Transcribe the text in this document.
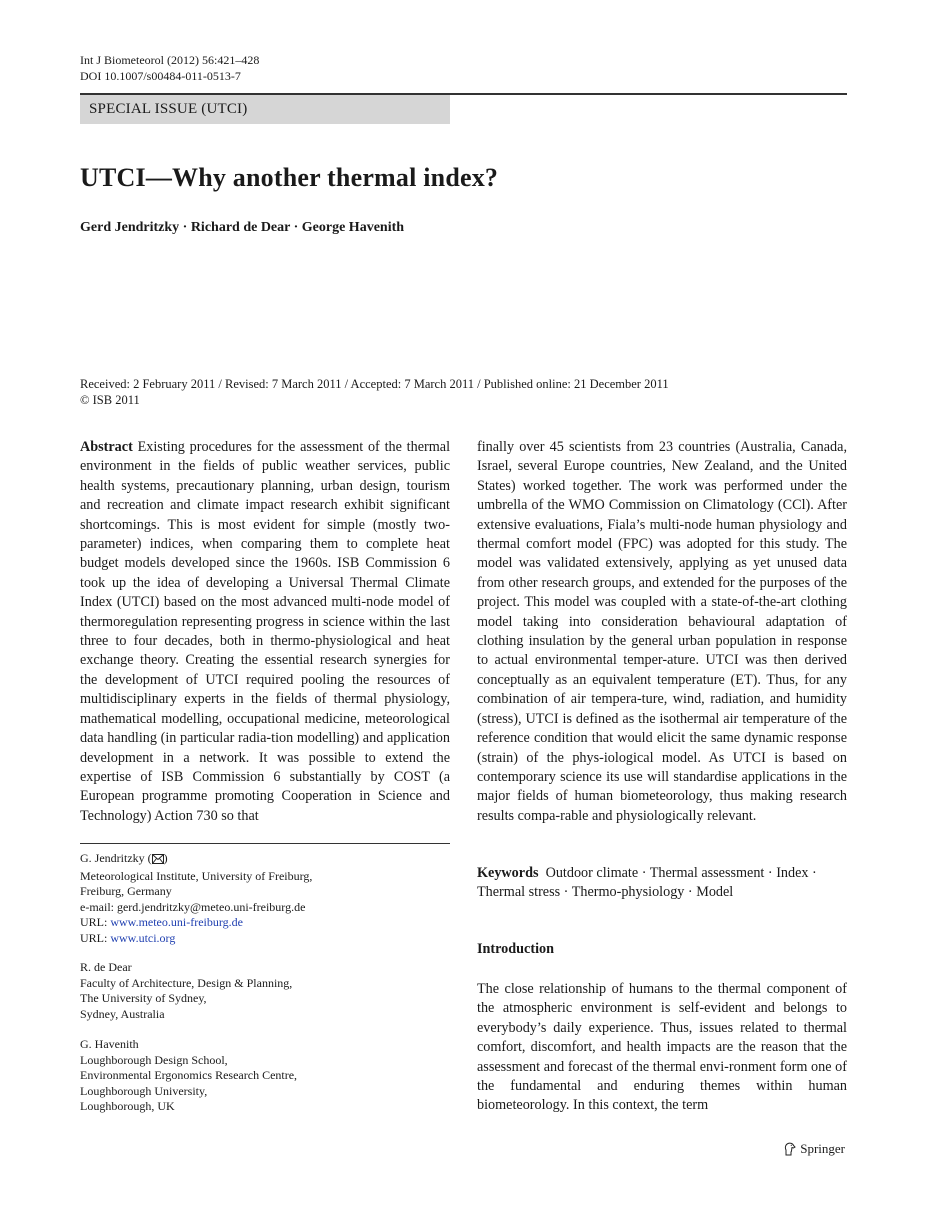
Int J Biometeorol (2012) 56:421–428
DOI 10.1007/s00484-011-0513-7
SPECIAL ISSUE (UTCI)
UTCI—Why another thermal index?
Gerd Jendritzky · Richard de Dear · George Havenith
Received: 2 February 2011 / Revised: 7 March 2011 / Accepted: 7 March 2011 / Published online: 21 December 2011
© ISB 2011

Abstract Existing procedures for the assessment of the thermal environment in the fields of public weather services, public health systems, precautionary planning, urban design, tourism and recreation and climate impact research exhibit significant shortcomings. This is most evident for simple (mostly two-parameter) indices, when comparing them to complete heat budget models developed since the 1960s. ISB Commission 6 took up the idea of developing a Universal Thermal Climate Index (UTCI) based on the most advanced multi-node model of thermoregulation representing progress in science within the last three to four decades, both in thermo-physiological and heat exchange theory. Creating the essential research synergies for the development of UTCI required pooling the resources of multidisciplinary experts in the fields of thermal physiology, mathematical modelling, occupational medicine, meteorological data handling (in particular radia-tion modelling) and application development in a network. It was possible to extend the expertise of ISB Commission 6 substantially by COST (a European programme promoting Cooperation in Science and Technology) Action 730 so that

finally over 45 scientists from 23 countries (Australia, Canada, Israel, several Europe countries, New Zealand, and the United States) worked together. The work was performed under the umbrella of the WMO Commission on Climatology (CCl). After extensive evaluations, Fiala’s multi-node human physiology and thermal comfort model (FPC) was adopted for this study. The model was validated extensively, applying as yet unused data from other research groups, and extended for the purposes of the project. This model was coupled with a state-of-the-art clothing model taking into consideration behavioural adaptation of clothing insulation by the general urban population in response to actual environmental temper-ature. UTCI was then derived conceptually as an equivalent temperature (ET). Thus, for any combination of air tempera-ture, wind, radiation, and humidity (stress), UTCI is defined as the isothermal air temperature of the reference condition that would elicit the same dynamic response (strain) of the phys-iological model. As UTCI is based on contemporary science its use will standardise applications in the major fields of human biometeorology, thus making research results compa-rable and physiologically relevant.

G. Jendritzky ( )
Meteorological Institute, University of Freiburg,
Freiburg, Germany
e-mail: gerd.jendritzky@meteo.uni-freiburg.de
URL: www.meteo.uni-freiburg.de
URL: www.utci.org
R. de Dear
Faculty of Architecture, Design & Planning,
The University of Sydney,
Sydney, Australia
G. Havenith
Loughborough Design School,
Environmental Ergonomics Research Centre,
Loughborough University,
Loughborough, UK
Keywords Outdoor climate · Thermal assessment · Index · Thermal stress · Thermo-physiology · Model
Introduction
The close relationship of humans to the thermal component of the atmospheric environment is self-evident and belongs to everybody’s daily experience. Thus, issues related to thermal comfort, discomfort, and health impacts are the reason that the assessment and forecast of the thermal envi-ronment form one of the fundamental and enduring themes within human biometeorology. In this context, the term
Springer
